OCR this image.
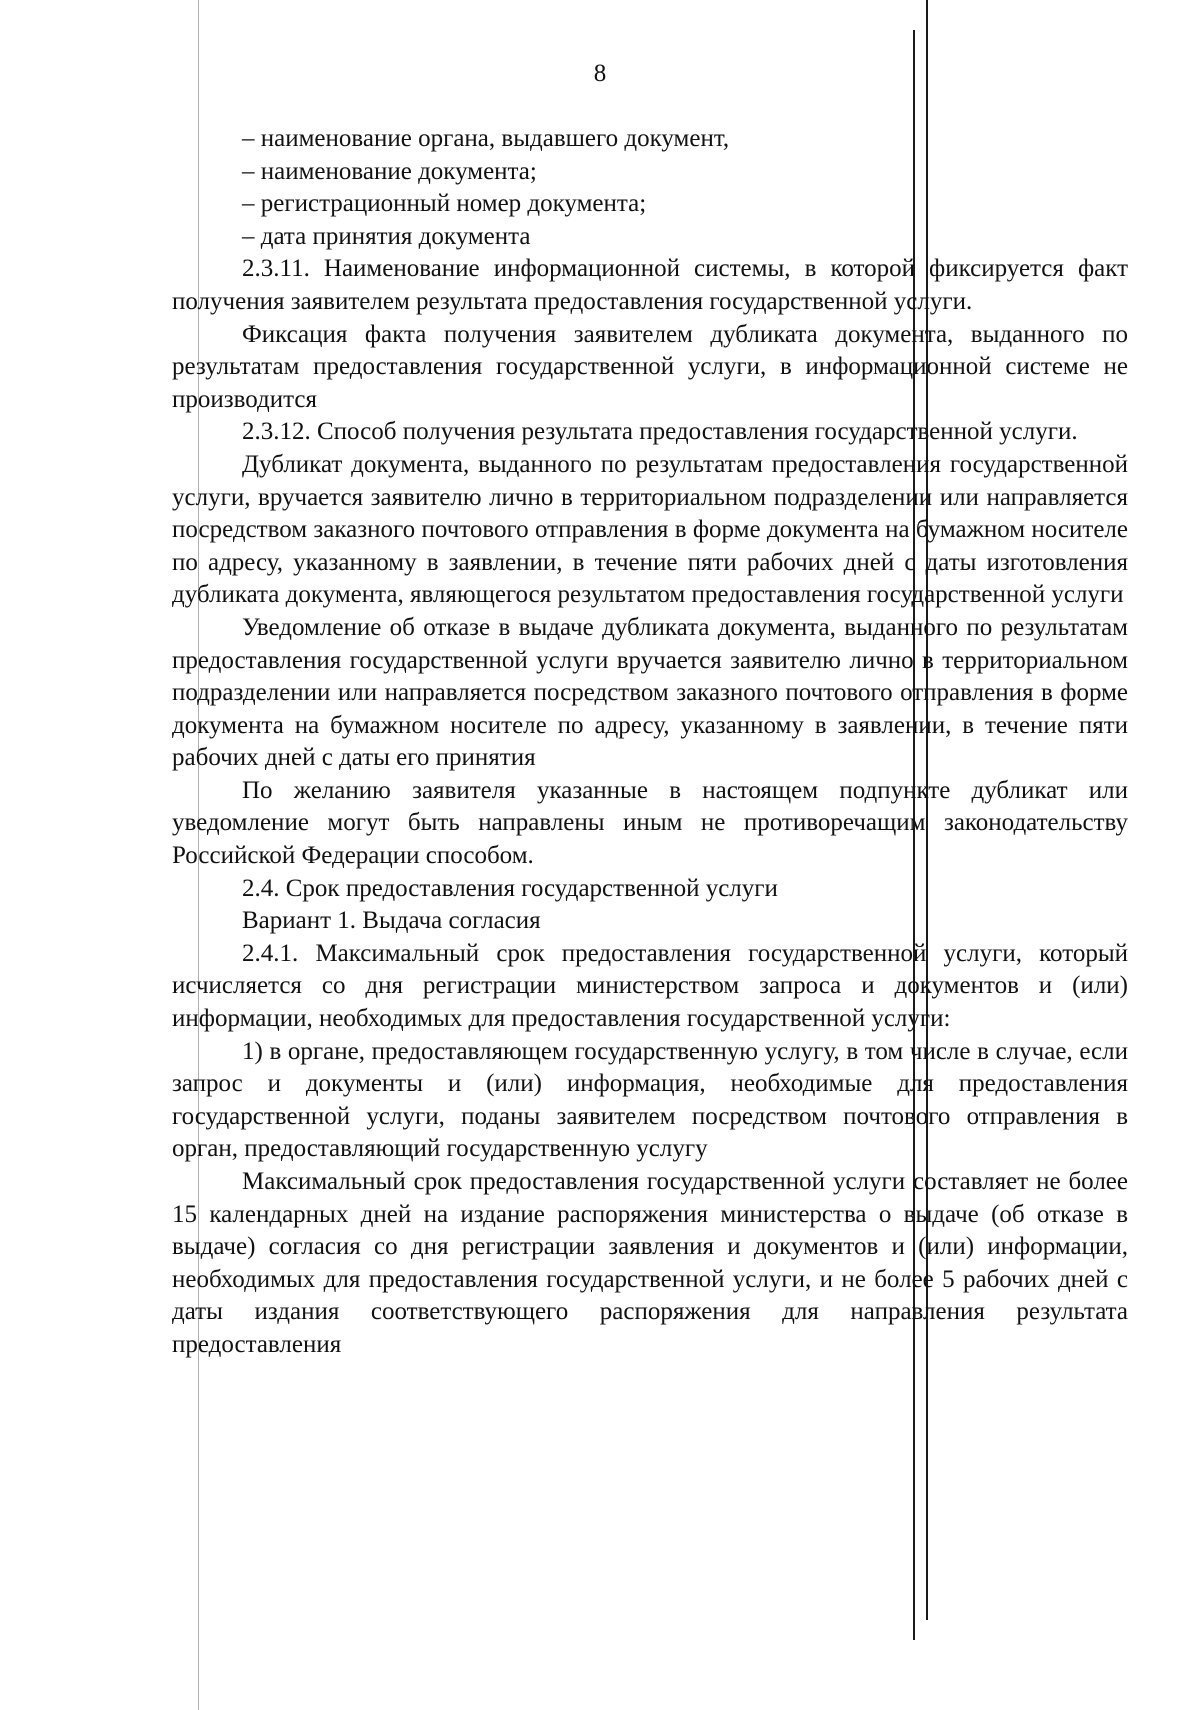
8

– наименование органа, выдавшего документ,

– наименование документа;

– регистрационный номер документа;

– дата принятия документа

2.3.11. Наименование информационной системы, в которой фиксируется факт получения заявителем результата предоставления государственной услуги.

Фиксация факта получения заявителем дубликата документа, выданного по результатам предоставления государственной услуги, в информационной системе не производится

2.3.12. Способ получения результата предоставления государственной услуги.

Дубликат документа, выданного по результатам предоставления государственной услуги, вручается заявителю лично в территориальном подразделении или направляется посредством заказного почтового отправления в форме документа на бумажном носителе по адресу, указанному в заявлении, в течение пяти рабочих дней с даты изготовления дубликата документа, являющегося результатом предоставления государственной услуги

Уведомление об отказе в выдаче дубликата документа, выданного по результатам предоставления государственной услуги вручается заявителю лично в территориальном подразделении или направляется посредством заказного почтового отправления в форме документа на бумажном носителе по адресу, указанному в заявлении, в течение пяти рабочих дней с даты его принятия

По желанию заявителя указанные в настоящем подпункте дубликат или уведомление могут быть направлены иным не противоречащим законодательству Российской Федерации способом.

2.4. Срок предоставления государственной услуги

Вариант 1. Выдача согласия

2.4.1. Максимальный срок предоставления государственной услуги, который исчисляется со дня регистрации министерством запроса и документов и (или) информации, необходимых для предоставления государственной услуги:

1) в органе, предоставляющем государственную услугу, в том числе в случае, если запрос и документы и (или) информация, необходимые для предоставления государственной услуги, поданы заявителем посредством почтового отправления в орган, предоставляющий государственную услугу

Максимальный срок предоставления государственной услуги составляет не более 15 календарных дней на издание распоряжения министерства о выдаче (об отказе в выдаче) согласия со дня регистрации заявления и документов и (или) информации, необходимых для предоставления государственной услуги, и не более 5 рабочих дней с даты издания соответствующего распоряжения для направления результата предоставления
